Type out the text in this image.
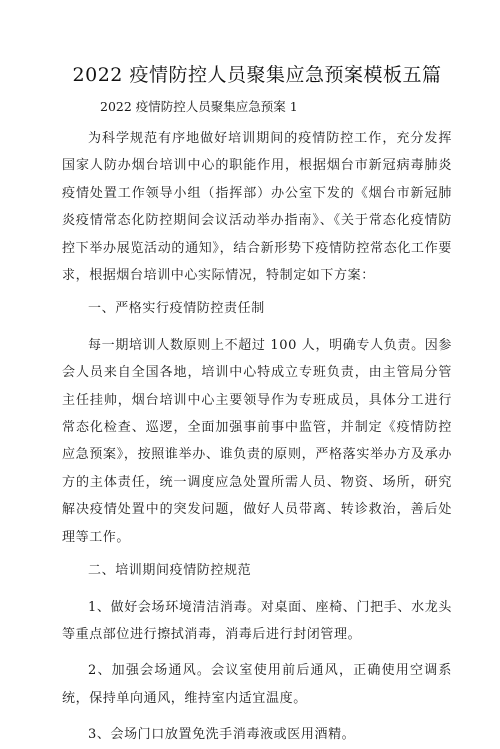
2022 疫情防控人员聚集应急预案模板五篇

2022 疫情防控人员聚集应急预案 1

为科学规范有序地做好培训期间的疫情防控工作，充分发挥国家人防办烟台培训中心的职能作用，根据烟台市新冠病毒肺炎疫情处置工作领导小组（指挥部）办公室下发的《烟台市新冠肺炎疫情常态化防控期间会议活动举办指南》、《关于常态化疫情防控下举办展览活动的通知》，结合新形势下疫情防控常态化工作要求，根据烟台培训中心实际情况，特制定如下方案：

一、严格实行疫情防控责任制

每一期培训人数原则上不超过 100 人，明确专人负责。因参会人员来自全国各地，培训中心特成立专班负责，由主管局分管主任挂帅，烟台培训中心主要领导作为专班成员，具体分工进行常态化检查、巡逻，全面加强事前事中监管，并制定《疫情防控应急预案》，按照谁举办、谁负责的原则，严格落实举办方及承办方的主体责任，统一调度应急处置所需人员、物资、场所，研究解决疫情处置中的突发问题，做好人员带离、转诊救治，善后处理等工作。

二、培训期间疫情防控规范

1、做好会场环境清洁消毒。对桌面、座椅、门把手、水龙头等重点部位进行擦拭消毒，消毒后进行封闭管理。

2、加强会场通风。会议室使用前后通风，正确使用空调系统，保持单向通风，维持室内适宜温度。

3、会场门口放置免洗手消毒液或医用酒精。
